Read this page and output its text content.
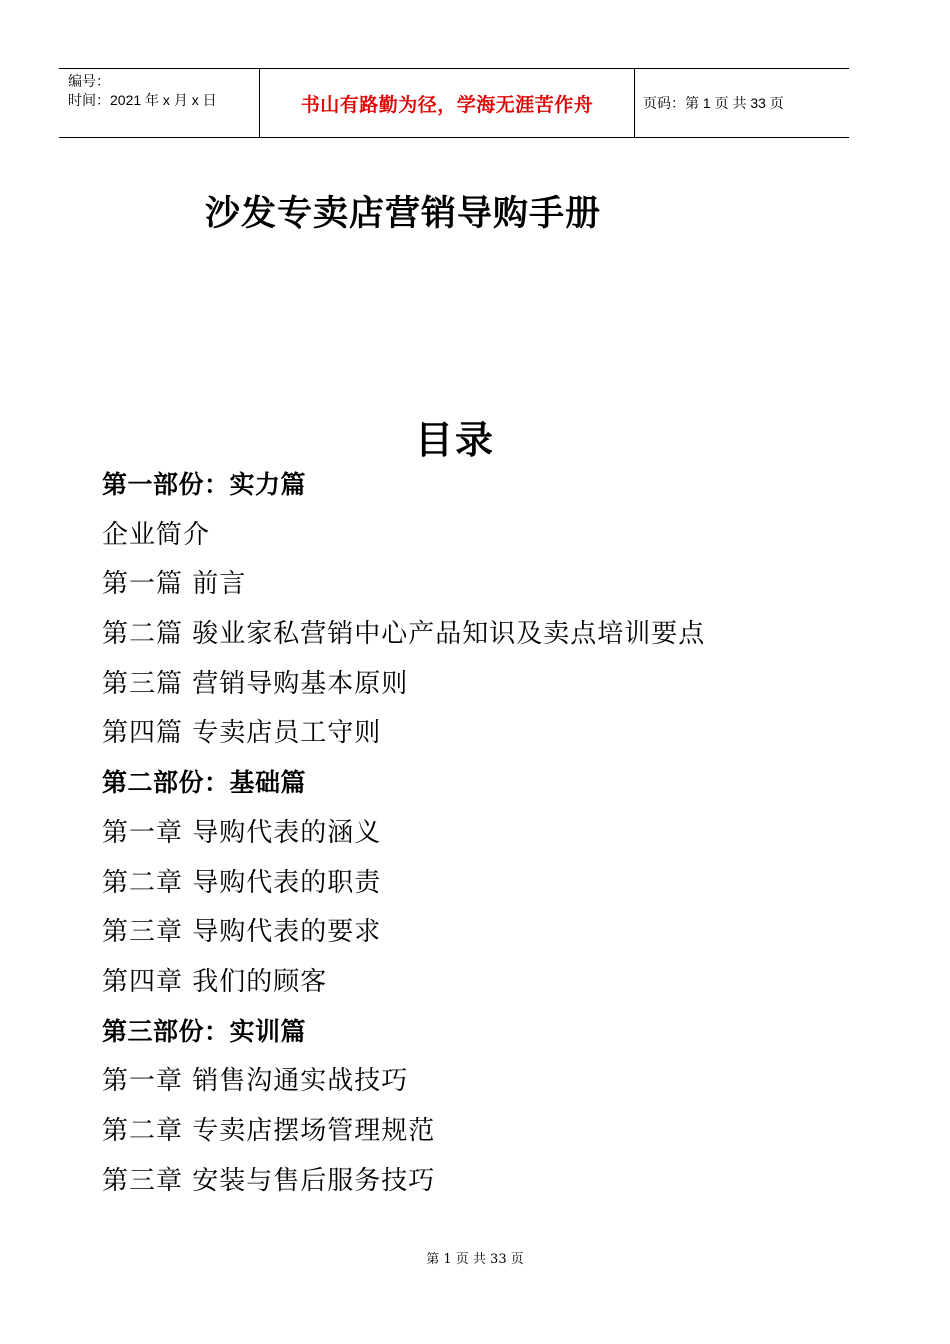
编号：
时间：2021 年 x 月 x 日	书山有路勤为径，学海无涯苦作舟	页码：第 1 页 共 33 页
沙发专卖店营销导购手册
目录
第一部份：实力篇
企业简介
第一篇 前言
第二篇 骏业家私营销中心产品知识及卖点培训要点
第三篇 营销导购基本原则
第四篇 专卖店员工守则
第二部份：基础篇
第一章 导购代表的涵义
第二章 导购代表的职责
第三章 导购代表的要求
第四章 我们的顾客
第三部份：实训篇
第一章 销售沟通实战技巧
第二章 专卖店摆场管理规范
第三章 安装与售后服务技巧
第 1 页 共 33 页
